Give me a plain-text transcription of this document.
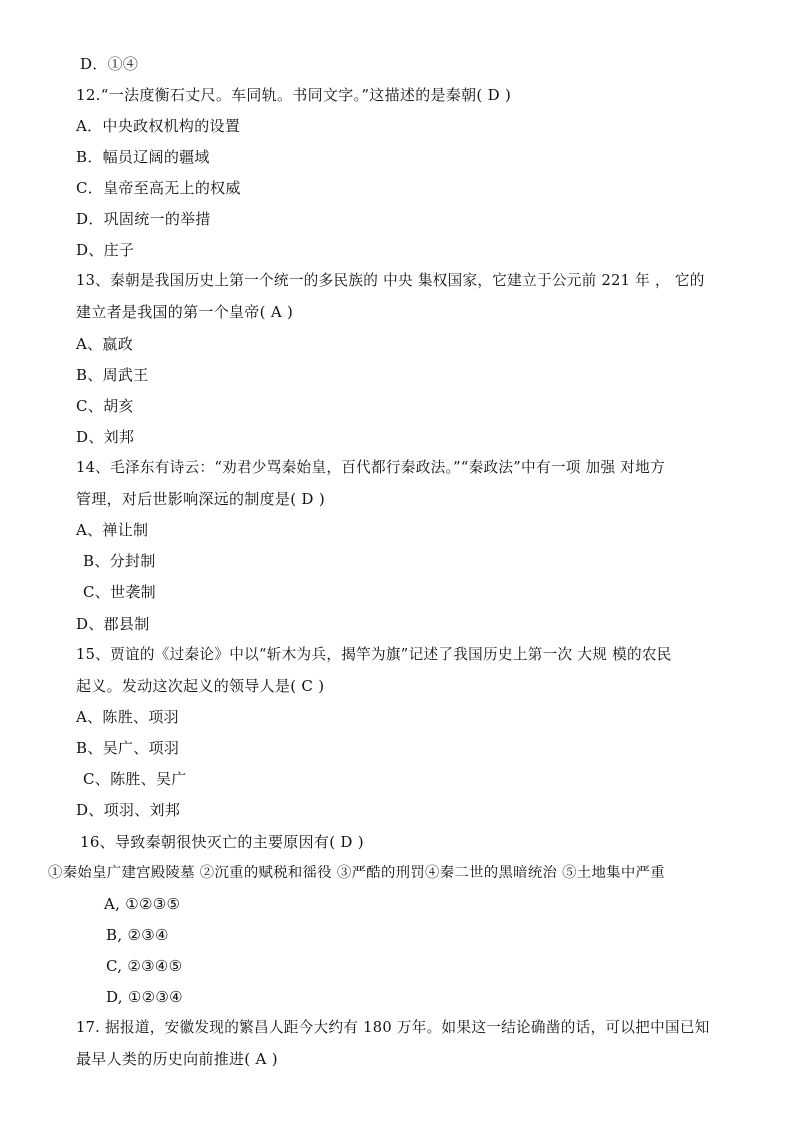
D．①④
12.“一法度衡石丈尺。车同轨。书同文字。”这描述的是秦朝( D )
A．中央政权机构的设置
B．幅员辽阔的疆域
C．皇帝至高无上的权威
D．巩固统一的举措
D、庄子
13、秦朝是我国历史上第一个统一的多民族的 中央 集权国家，它建立于公元前 221 年 ， 它的
建立者是我国的第一个皇帝( A )
A、嬴政
B、周武王
C、胡亥
D、刘邦
14、毛泽东有诗云：“劝君少骂秦始皇，百代都行秦政法。”“秦政法”中有一项 加强 对地方
管理，对后世影响深远的制度是( D )
A、禅让制
B、分封制
C、世袭制
D、郡县制
15、贾谊的《过秦论》中以“斩木为兵，揭竿为旗”记述了我国历史上第一次 大规 模的农民
起义。发动这次起义的领导人是( C )
A、陈胜、项羽
B、吴广、项羽
C、陈胜、吴广
D、项羽、刘邦
16、导致秦朝很快灭亡的主要原因有( D )
①秦始皇广建宫殿陵墓 ②沉重的赋税和徭役 ③严酷的刑罚④秦二世的黑暗统治 ⑤土地集中严重
A, ①②③⑤
B, ②③④
C, ②③④⑤
D, ①②③④
17. 据报道，安徽发现的繁昌人距今大约有 180 万年。如果这一结论确凿的话，可以把中国已知
最早人类的历史向前推进( A )
